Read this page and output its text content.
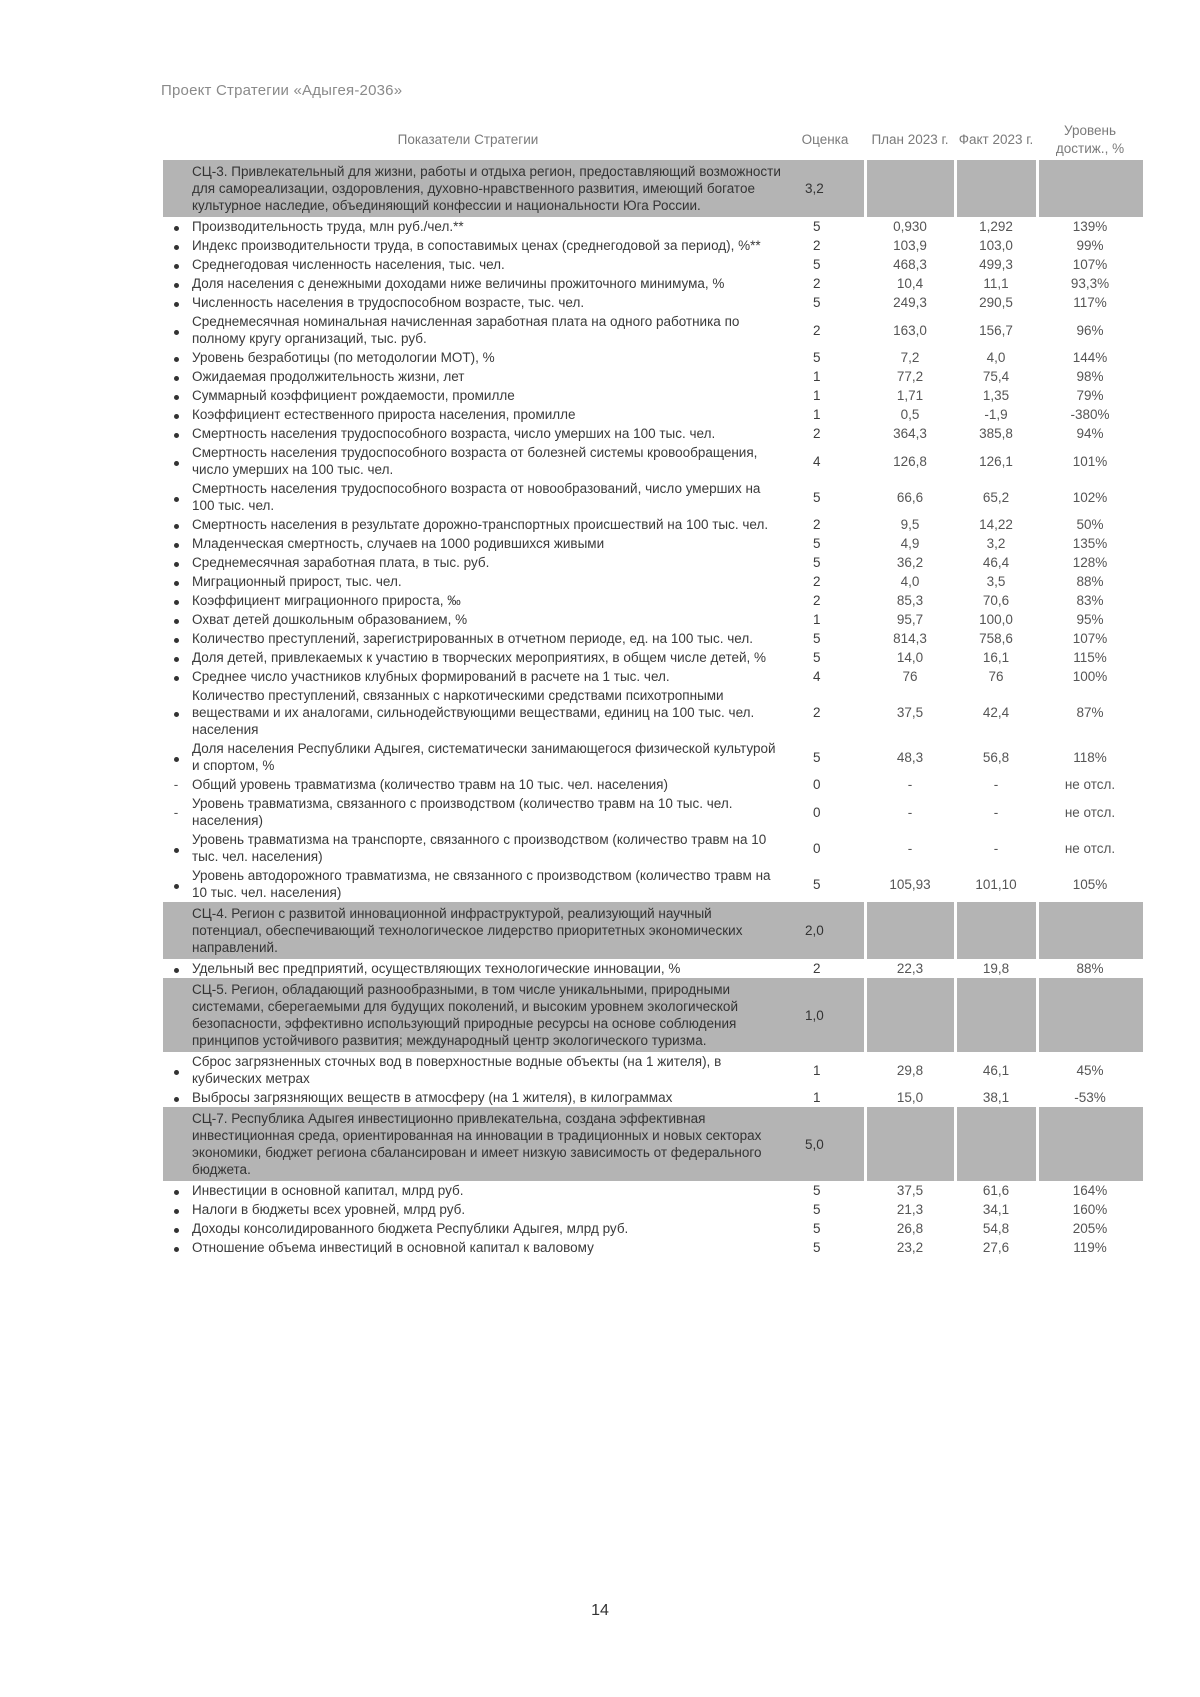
Проект Стратегии «Адыгея-2036»
	Показатели Стратегии	Оценка	План 2023 г.	Факт 2023 г.	Уровень достиж., %
	СЦ-3. Привлекательный для жизни, работы и отдыха регион, предоставляющий возможности для самореализации, оздоровления, духовно-нравственного развития, имеющий богатое культурное наследие, объединяющий конфессии и национальности Юга России.	3,2			
	Производительность труда, млн руб./чел.**	5	0,930	1,292	139%
	Индекс производительности труда, в сопоставимых ценах (среднегодовой за период), %**	2	103,9	103,0	99%
	Среднегодовая численность населения, тыс. чел.	5	468,3	499,3	107%
	Доля населения с денежными доходами ниже величины прожиточного минимума, %	2	10,4	11,1	93,3%
	Численность населения в трудоспособном возрасте, тыс. чел.	5	249,3	290,5	117%
	Среднемесячная номинальная начисленная заработная плата на одного работника по полному кругу организаций, тыс. руб.	2	163,0	156,7	96%
	Уровень безработицы (по методологии МОТ), %	5	7,2	4,0	144%
	Ожидаемая продолжительность жизни, лет	1	77,2	75,4	98%
	Суммарный коэффициент рождаемости, промилле	1	1,71	1,35	79%
	Коэффициент естественного прироста населения, промилле	1	0,5	-1,9	-380%
	Смертность населения трудоспособного возраста, число умерших на 100 тыс. чел.	2	364,3	385,8	94%
	Смертность населения трудоспособного возраста от болезней системы кровообращения, число умерших на 100 тыс. чел.	4	126,8	126,1	101%
	Смертность населения трудоспособного возраста от новообразований, число умерших на 100 тыс. чел.	5	66,6	65,2	102%
	Смертность населения в результате дорожно-транспортных происшествий на 100 тыс. чел.	2	9,5	14,22	50%
	Младенческая смертность, случаев на 1000 родившихся живыми	5	4,9	3,2	135%
	Среднемесячная заработная плата, в тыс. руб.	5	36,2	46,4	128%
	Миграционный прирост, тыс. чел.	2	4,0	3,5	88%
	Коэффициент миграционного прироста, ‰	2	85,3	70,6	83%
	Охват детей дошкольным образованием, %	1	95,7	100,0	95%
	Количество преступлений, зарегистрированных в отчетном периоде, ед. на 100 тыс. чел.	5	814,3	758,6	107%
	Доля детей, привлекаемых к участию в творческих мероприятиях, в общем числе детей, %	5	14,0	16,1	115%
	Среднее число участников клубных формирований в расчете на 1 тыс. чел.	4	76	76	100%
	Количество преступлений, связанных с наркотическими средствами психотропными веществами и их аналогами, сильнодействующими веществами, единиц на 100 тыс. чел. населения	2	37,5	42,4	87%
	Доля населения Республики Адыгея, систематически занимающегося физической культурой и спортом, %	5	48,3	56,8	118%
-	Общий уровень травматизма (количество травм на 10 тыс. чел. населения)	0	-	-	не отсл.
-	Уровень травматизма, связанного с производством (количество травм на 10 тыс. чел. населения)	0	-	-	не отсл.
	Уровень травматизма на транспорте, связанного с производством (количество травм на 10 тыс. чел. населения)	0	-	-	не отсл.
	Уровень автодорожного травматизма, не связанного с производством (количество травм на 10 тыс. чел. населения)	5	105,93	101,10	105%
	СЦ-4. Регион с развитой инновационной инфраструктурой, реализующий научный потенциал, обеспечивающий технологическое лидерство приоритетных экономических направлений.	2,0			
	Удельный вес предприятий, осуществляющих технологические инновации, %	2	22,3	19,8	88%
	СЦ-5. Регион, обладающий разнообразными, в том числе уникальными, природными системами, сберегаемыми для будущих поколений, и высоким уровнем экологической безопасности, эффективно использующий природные ресурсы на основе соблюдения принципов устойчивого развития; международный центр экологического туризма.	1,0			
	Сброс загрязненных сточных вод в поверхностные водные объекты (на 1 жителя), в кубических метрах	1	29,8	46,1	45%
	Выбросы загрязняющих веществ в атмосферу (на 1 жителя), в килограммах	1	15,0	38,1	-53%
	СЦ-7. Республика Адыгея инвестиционно привлекательна, создана эффективная инвестиционная среда, ориентированная на инновации в традиционных и новых секторах экономики, бюджет региона сбалансирован и имеет низкую зависимость от федерального бюджета.	5,0			
	Инвестиции в основной капитал, млрд руб.	5	37,5	61,6	164%
	Налоги в бюджеты всех уровней, млрд руб.	5	21,3	34,1	160%
	Доходы консолидированного бюджета Республики Адыгея, млрд руб.	5	26,8	54,8	205%
	Отношение объема инвестиций в основной капитал к валовому	5	23,2	27,6	119%
14
